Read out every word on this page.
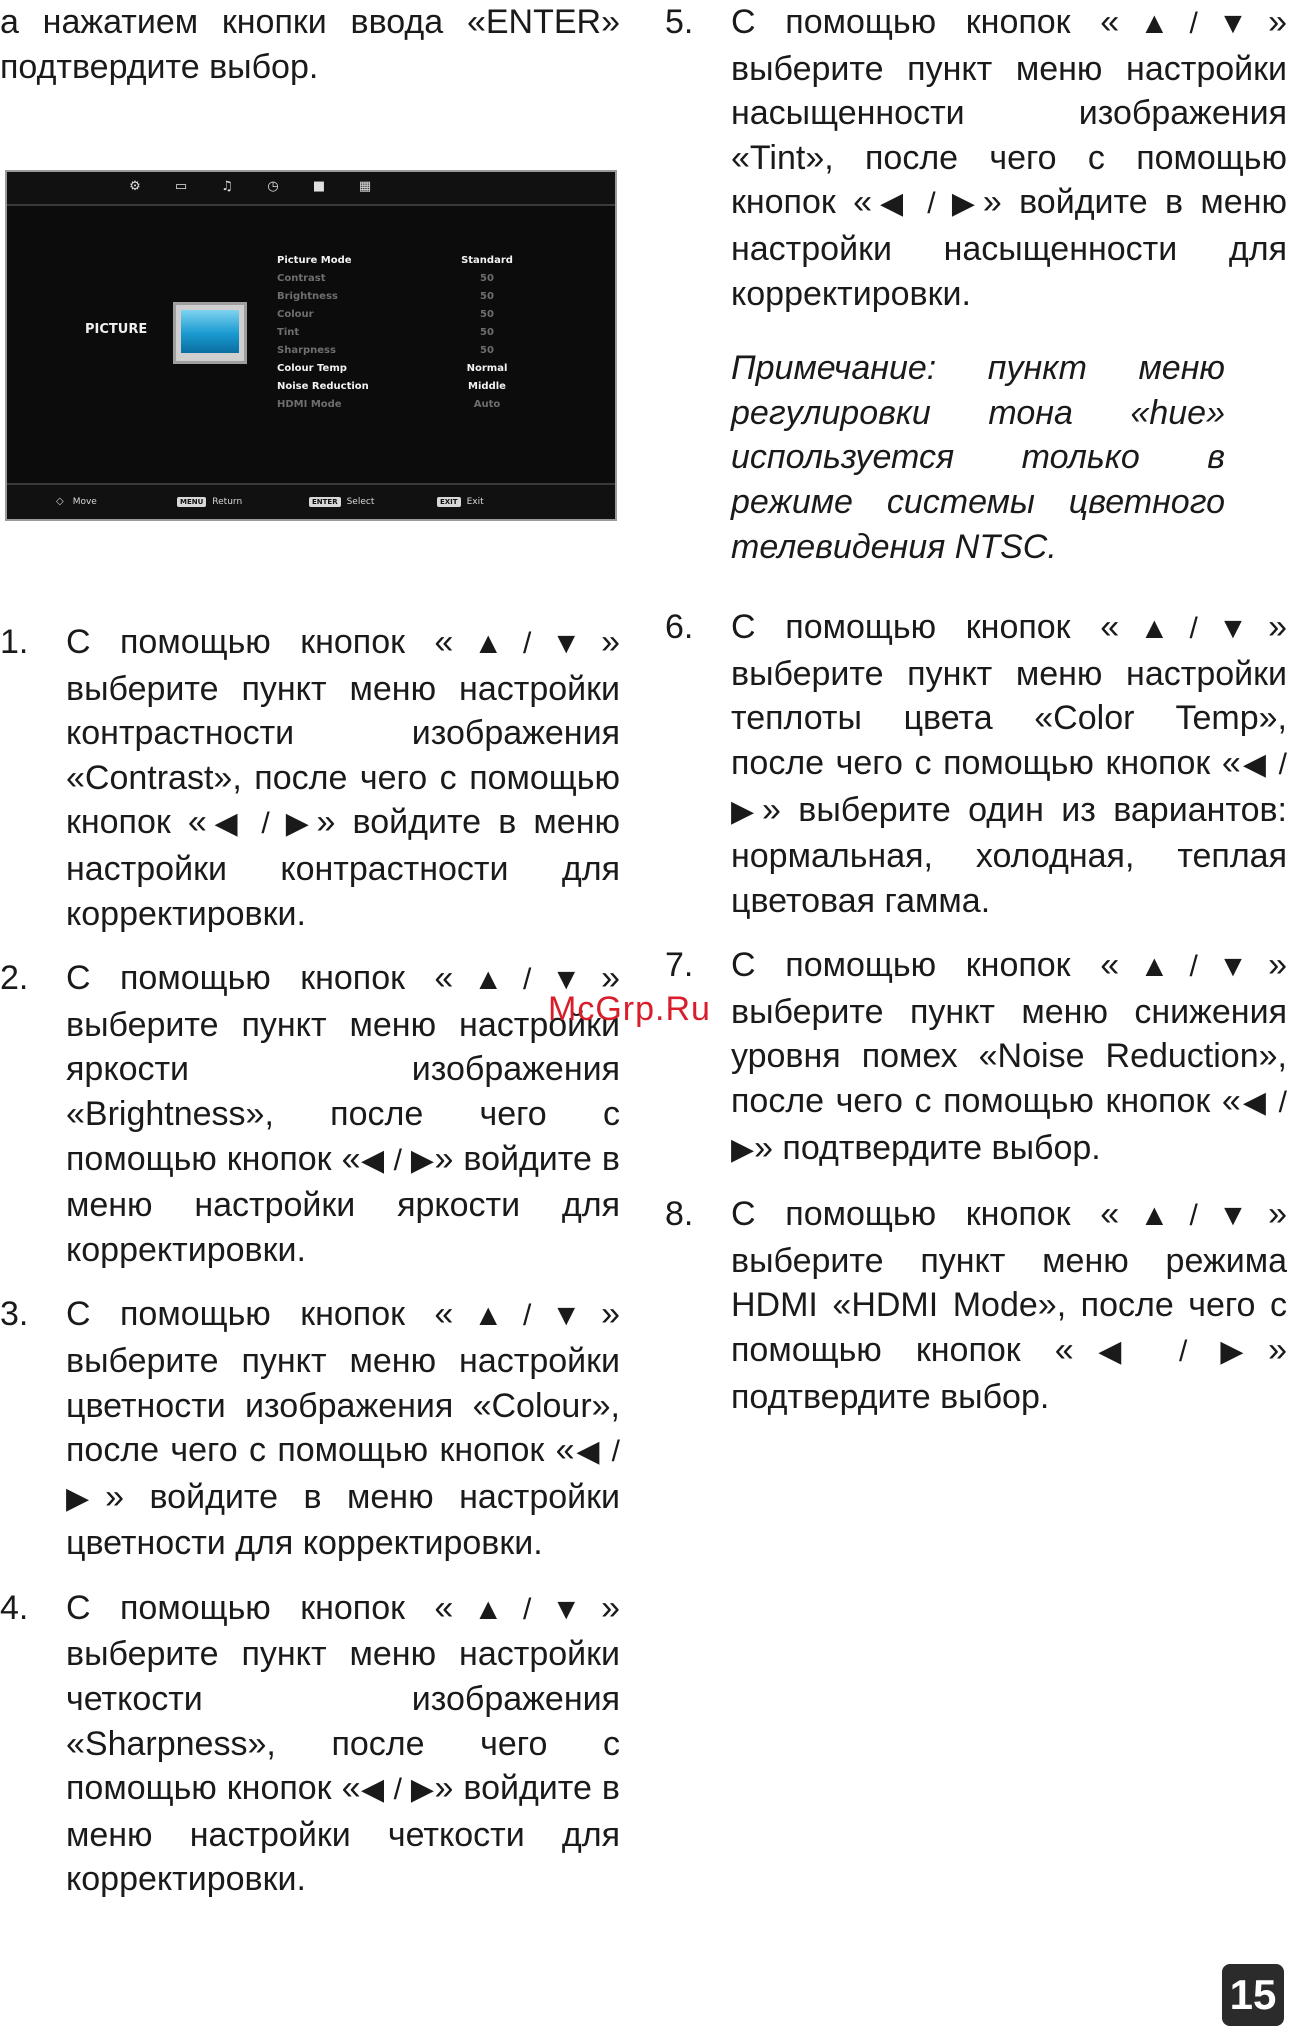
а нажатием кнопки ввода «ENTER» подтвердите выбор.

⚙	▭	♫	◷	■	▦
PICTURE
Picture Mode	Standard
Contrast	50
Brightness	50
Colour	50
Tint	50
Sharpness	50
Colour Temp	Normal
Noise Reduction	Middle
HDMI Mode	Auto
◇ Move	MENU Return	ENTER Select	EXIT Exit

1. С помощью кнопок «▲/▼» выберите пункт меню настройки контрастности изображения «Contrast», после чего с помощью кнопок «◀ / ▶» войдите в меню настройки контрастности для корректировки.

2. С помощью кнопок «▲/▼» выберите пункт меню настройки яркости изображения «Brightness», после чего с помощью кнопок «◀ / ▶» войдите в меню настройки яркости для корректировки.

3. С помощью кнопок «▲/▼» выберите пункт меню настройки цветности изображения «Colour», после чего с помощью кнопок «◀ / ▶» войдите в меню настройки цветности для корректировки.

4. С помощью кнопок «▲/▼» выберите пункт меню настройки четкости изображения «Sharpness», после чего с помощью кнопок «◀ / ▶» войдите в меню настройки четкости для корректировки.

5. С помощью кнопок «▲/▼» выберите пункт меню настройки насыщенности изображения «Tint», после чего с помощью кнопок «◀ / ▶» войдите в меню настройки насыщенности для корректировки.

Примечание: пункт меню регулировки тона «hue» используется только в режиме системы цветного телевидения NTSC.

6. С помощью кнопок «▲/▼» выберите пункт меню настройки теплоты цвета «Color Temp», после чего с помощью кнопок «◀ / ▶» выберите один из вариантов: нормальная, холодная, теплая цветовая гамма.

7. С помощью кнопок «▲/▼» выберите пункт меню снижения уровня помех «Noise Reduction», после чего с помощью кнопок «◀ / ▶» подтвердите выбор.

8. С помощью кнопок «▲/▼» выберите пункт меню режима HDMI «HDMI Mode», после чего с помощью кнопок «◀ / ▶» подтвердите выбор.

McGrp.Ru
15
